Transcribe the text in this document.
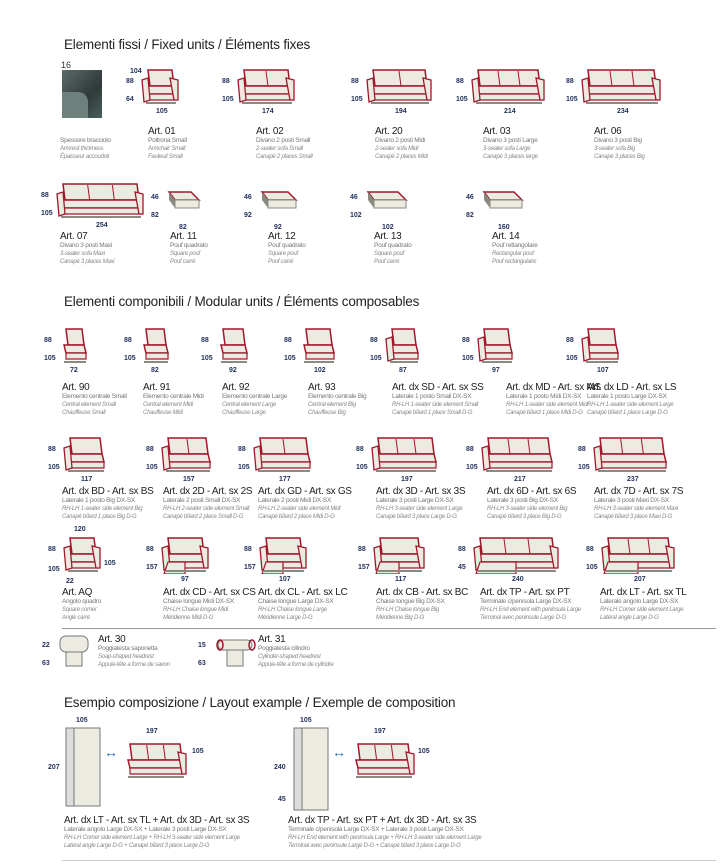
Elementi fissi / Fixed units / Éléments fixes
Elementi componibili / Modular units / Éléments composables
Esempio composizione / Layout example / Exemple de composition
16
Spessore bracciolo
Armrest thickness
Épaisseur accoudoir
↔	↔
88
64
105
104
Art. 01
Poltrona Small
Armchair Small
Fauteuil Small
88
105
174
Art. 02
Divano 2 posti Small
2-seater sofa Small
Canapé 2 places Small
88
105
194
Art. 20
Divano 2 posti Midi
2-seater sofa Midi
Canapé 2 places Midi
88
105
214
Art. 03
Divano 3 posti Large
3-seater sofa Large
Canapé 3 places large
88
105
234
Art. 06
Divano 3 posti Big
3-seater sofa Big
Canapé 3 places Big
88
105
254
Art. 07
Divano 3 posti Maxi
3-seater sofa Maxi
Canapé 3 places Maxi
46
82
82
Art. 11
Pouf quadrato
Square pouf
Pouf carré
46
92
92
Art. 12
Pouf quadrato
Square pouf
Pouf carré
46
102
102
Art. 13
Pouf quadrato
Square pouf
Pouf carré
46
82
160
Art. 14
Pouf rettangolare
Rectangular pouf
Pouf rectangulaire
88
105
72
Art. 90
Elemento centrale Small
Central element Small
Chauffeuse Small
88
105
82
Art. 91
Elemento centrale Midi
Central element Midi
Chauffeuse Midi
88
105
92
Art. 92
Elemento centrale Large
Central element Large
Chauffeuse Large
88
105
102
Art. 93
Elemento centrale Big
Central element Big
Chauffeuse Big
88
105
87
Art. dx SD - Art. sx SS
Laterale 1 posto Small DX-SX
RH-LH 1-seater side element Small
Canapé bïlard 1 place Small D-G
88
105
97
Art. dx MD - Art. sx MS
Laterale 1 posto Midi DX-SX
RH-LH 1-seater side element Midi
Canapé bïlard 1 place Midi D-G
88
105
107
Art. dx LD - Art. sx LS
Laterale 1 posto Large DX-SX
RH-LH 1-seater side element Large
Canapé bïlard 1 place Large D-G
88
105
117
Art. dx BD - Art. sx BS
Laterale 1 posto Big DX-SX
RH-LH 1-seater side element Big
Canapé bïlard 1 place Big D-G
88
105
157
Art. dx 2D - Art. sx 2S
Laterale 2 posti Small DX-SX
RH-LH 2-seater side element Small
Canapé bïlard 2 place Small D-G
88
105
177
Art. dx GD - Art. sx GS
Laterale 2 posti Midi DX-SX
RH-LH 2-seater side element Midi
Canapé bïlard 2 place Midi D-G
88
105
197
Art. dx 3D - Art. sx 3S
Laterale 3 posti Large DX-SX
RH-LH 3-seater side element Large
Canapé bïlard 3 place Large D-G
88
105
217
Art. dx 6D - Art. sx 6S
Laterale 3 posti Big DX-SX
RH-LH 3-seater side element Big
Canapé bïlard 3 place Big D-G
88
105
237
Art. dx 7D - Art. sx 7S
Laterale 3 posti Maxi DX-SX
RH-LH 3-seater side element Maxi
Canapé bïlard 3 place Maxi D-G
88
105
105
120
22
Art. AQ
Angolo quadro
Square corner
Angle carré
88
157
97
Art. dx CD - Art. sx CS
Chaise longue Midi DX-SX
RH-LH Chaise longue Midi
Méridienne Midi D-G
88
157
107
Art. dx CL - Art. sx LC
Chaise longue Large DX-SX
RH-LH Chaise longue Large
Méridienne Large D-G
88
157
117
Art. dx CB - Art. sx BC
Chaise longue Big DX-SX
RH-LH Chaise longue Big
Méridienne Big D-G
88
45
240
Art. dx TP - Art. sx PT
Terminale c/penisola Large DX-SX
RH-LH End element with peninsula Large
Terminal avec peninsule Large D-G
88
105
207
Art. dx LT - Art. sx TL
Laterale angolo Large DX-SX
RH-LH Corner side element Large
Latéral angle Large D-G
22
63
Art. 30
Poggiatesta saponetta
Soap-shaped headrest
Appuie-tête a forme de savon
15
63
Art. 31
Poggiatesta cilindro
Cylinder-shaped headrest
Appuie-tête a forme de cylindre
105
197
207
105
Art. dx LT - Art. sx TL + Art. dx 3D - Art. sx 3S
Laterale angolo Large DX-SX + Laterale 3 posti Large DX-SX
RH-LH Corner side element Large + RH-LH 3-seater side element Large
Latéral angle Large D-G + Canapé bïlard 3 place Large D-G
105
197
240
45
105
Art. dx TP - Art. sx PT + Art. dx 3D - Art. sx 3S
Terminale c/penisola Large DX-SX + Laterale 3 posti Large DX-SX
RH-LH End element with peninsula Large + RH-LH 3-seater side element Large
Terminal avec peninsule Large D-G + Canapé bïlard 3 place Large D-G
